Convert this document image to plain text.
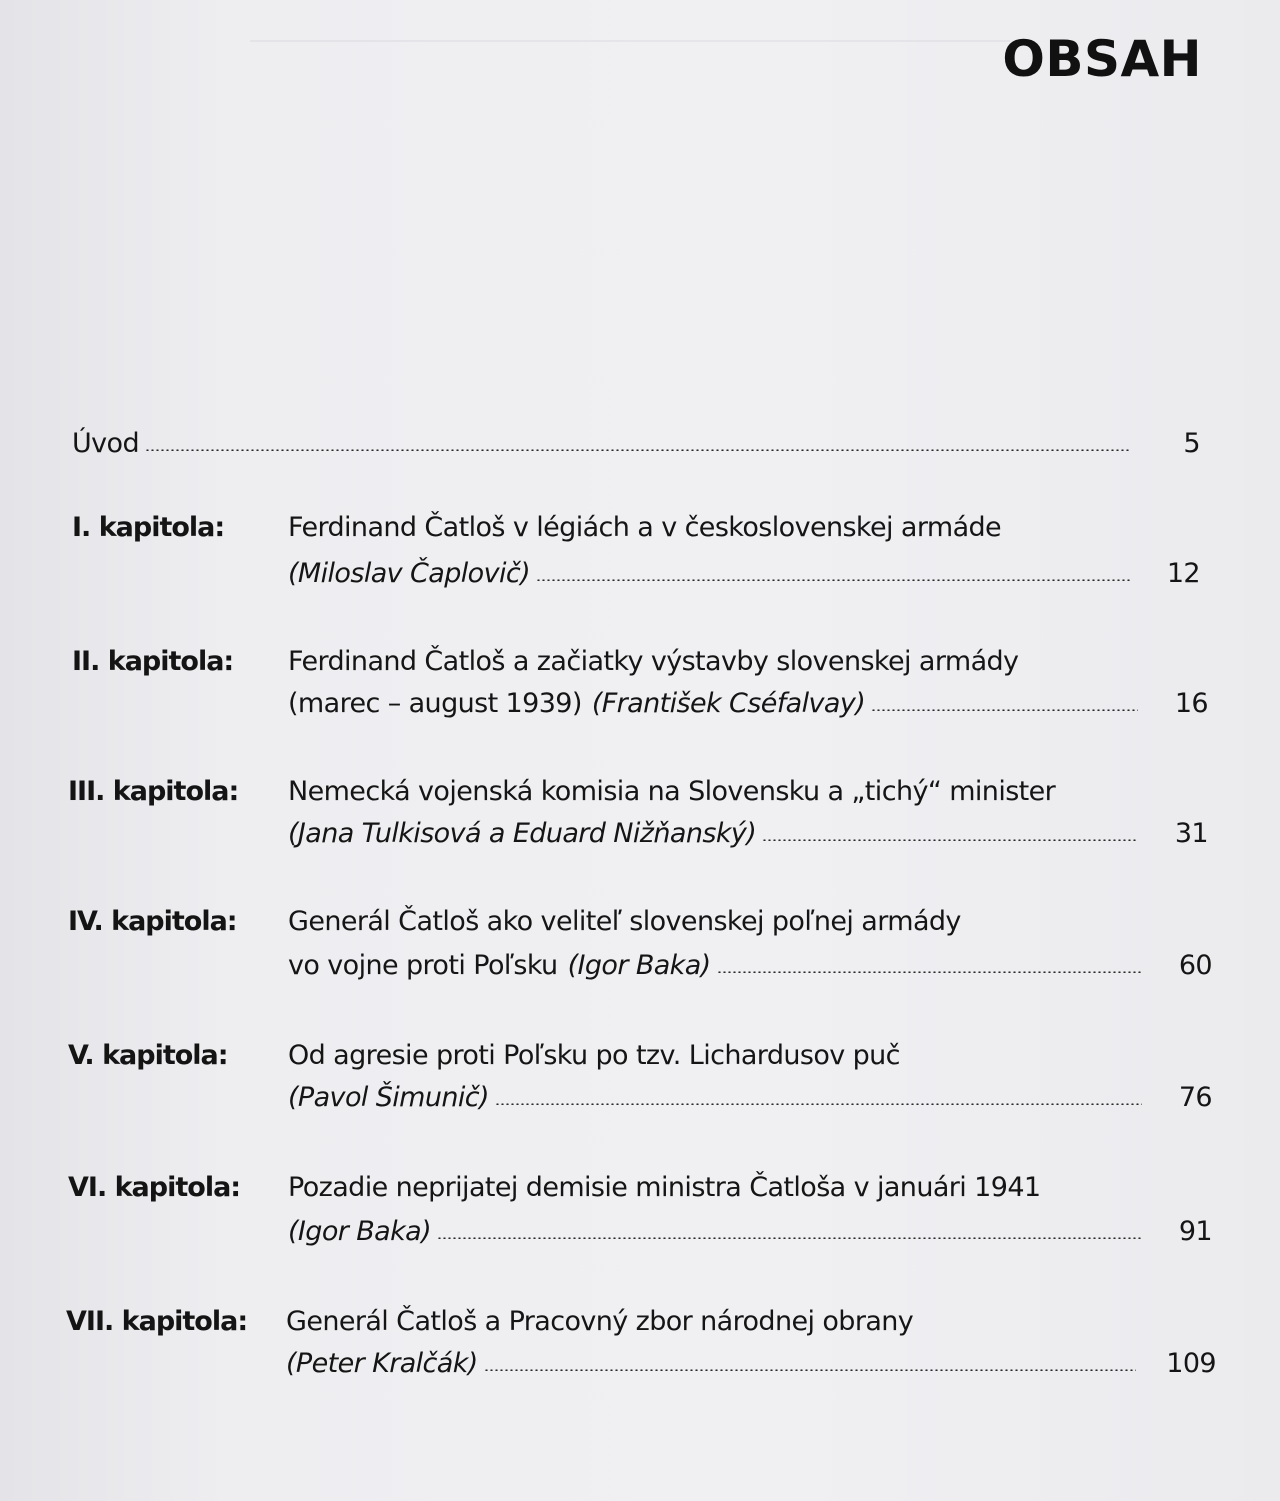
OBSAH
Úvod	5
I. kapitola: Ferdinand Čatloš v légiách a v československej armáde
(Miloslav Čaplovič)	12
II. kapitola: Ferdinand Čatloš a začiatky výstavby slovenskej armády
(marec – august 1939) (František Cséfalvay)	16
III. kapitola: Nemecká vojenská komisia na Slovensku a „tichý“ minister
(Jana Tulkisová a Eduard Nižňanský)	31
IV. kapitola: Generál Čatloš ako veliteľ slovenskej poľnej armády
vo vojne proti Poľsku (Igor Baka)	60
V. kapitola: Od agresie proti Poľsku po tzv. Lichardusov puč
(Pavol Šimunič)	76
VI. kapitola: Pozadie neprijatej demisie ministra Čatloša v januári 1941
(Igor Baka)	91
VII. kapitola: Generál Čatloš a Pracovný zbor národnej obrany
(Peter Kralčák)	109
